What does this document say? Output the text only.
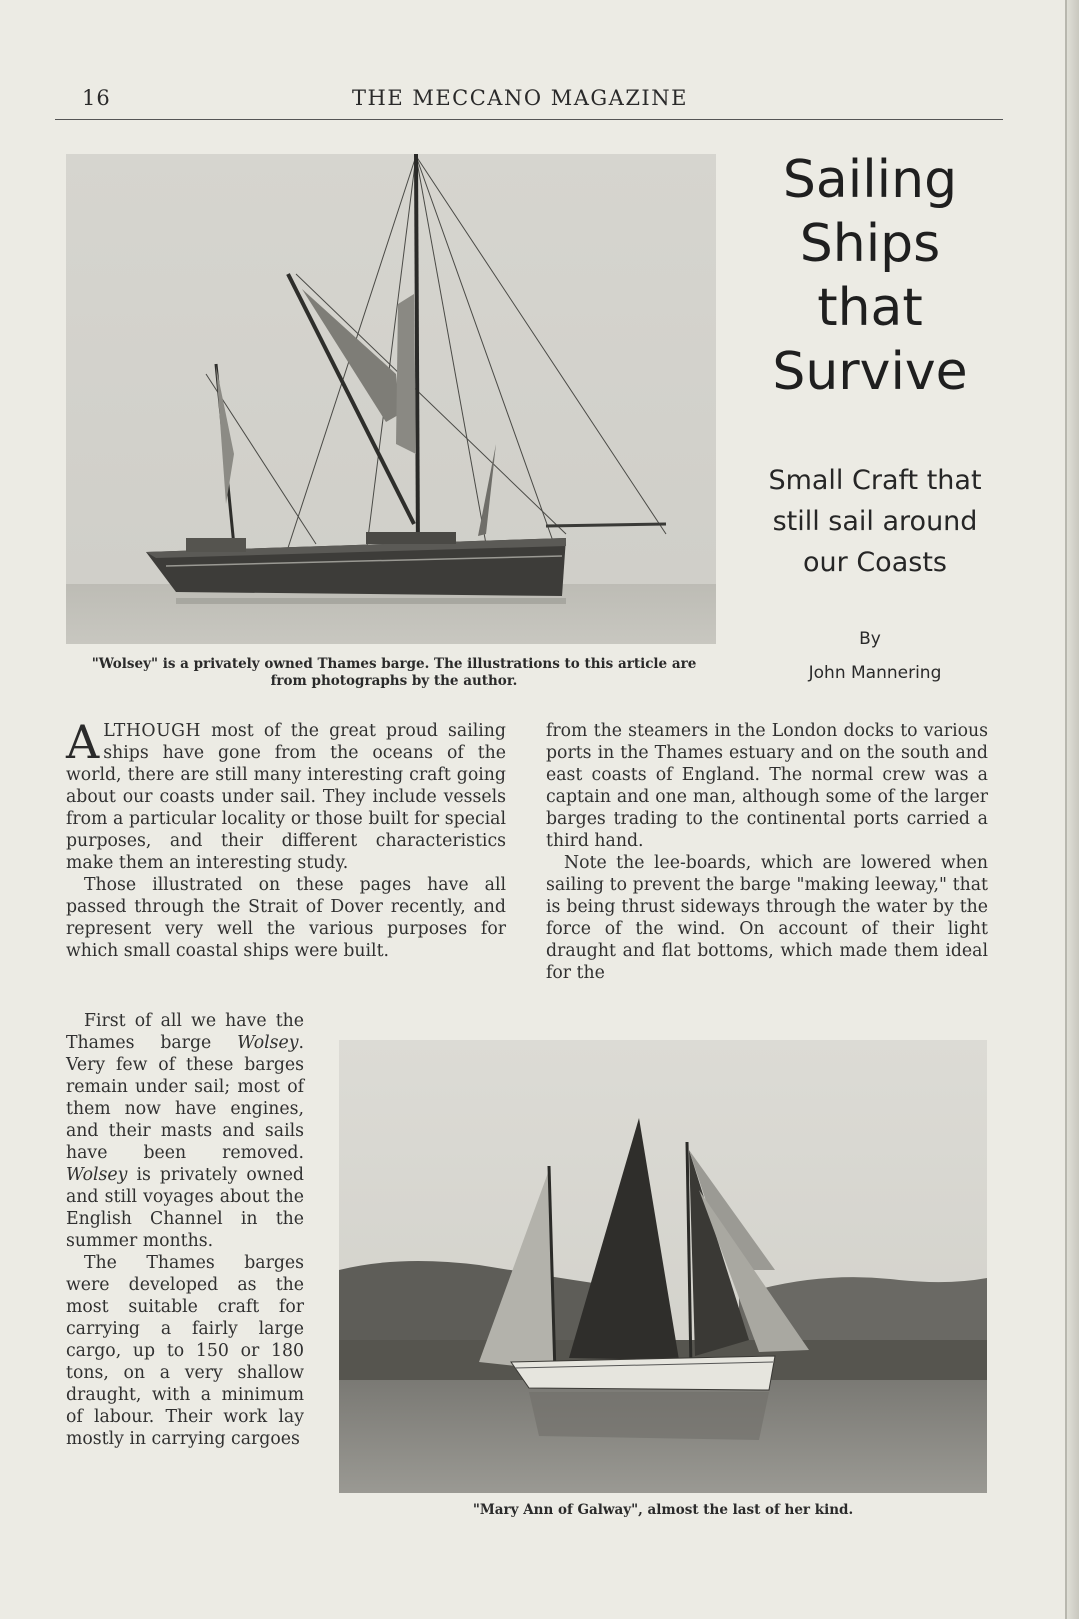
16	THE MECCANO MAGAZINE
Sailing
Ships
that
Survive
Small Craft that
still sail around
our Coasts
By
John Mannering
"Wolsey" is a privately owned Thames barge. The illustrations to this article are
from photographs by the author.

ALTHOUGH most of the great proud sailing ships have gone from the oceans of the world, there are still many interesting craft going about our coasts under sail. They include vessels from a particular locality or those built for special purposes, and their different characteristics make them an interesting study.

Those illustrated on these pages have all passed through the Strait of Dover recently, and represent very well the various purposes for which small coastal ships were built.

First of all we have the Thames barge Wolsey. Very few of these barges remain under sail; most of them now have engines, and their masts and sails have been removed. Wolsey is privately owned and still voyages about the English Channel in the summer months.

The Thames barges were developed as the most suitable craft for carrying a fairly large cargo, up to 150 or 180 tons, on a very shallow draught, with a minimum of labour. Their work lay mostly in carrying cargoes

from the steamers in the London docks to various ports in the Thames estuary and on the south and east coasts of England. The normal crew was a captain and one man, although some of the larger barges trading to the continental ports carried a third hand.

Note the lee-boards, which are lowered when sailing to prevent the barge "making leeway," that is being thrust sideways through the water by the force of the wind. On account of their light draught and flat bottoms, which made them ideal for the

"Mary Ann of Galway", almost the last of her kind.
